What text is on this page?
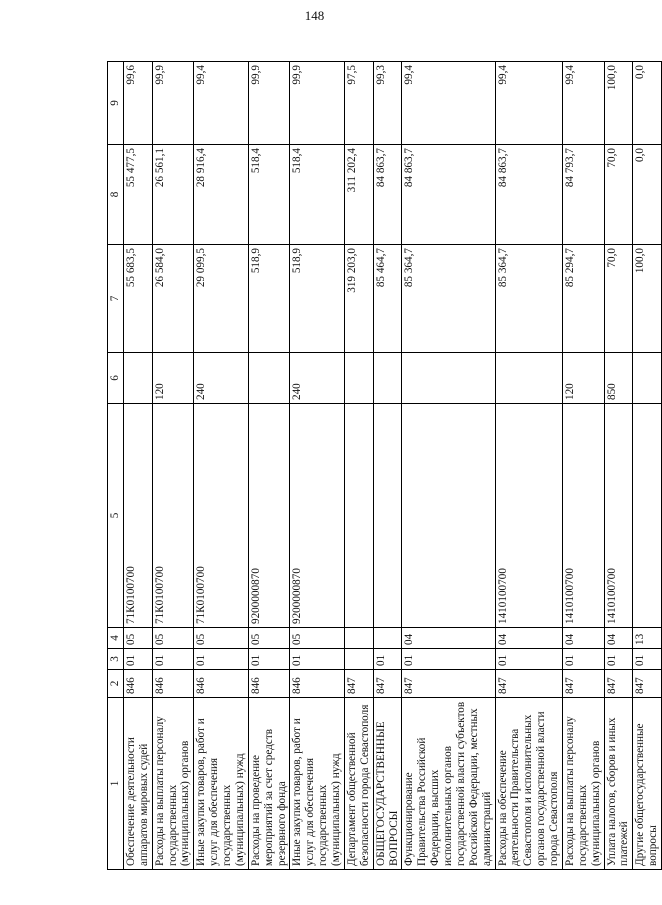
148
1	2	3	4	5	6	7	8	9
Обеспечение деятельности аппаратов мировых судей	846	01	05	71К0100700		55 683,5	55 477,5	99,6
Расходы на выплаты персоналу государственных (муниципальных) органов	846	01	05	71К0100700	120	26 584,0	26 561,1	99,9
Иные закупки товаров, работ и услуг для обеспечения государственных (муниципальных) нужд	846	01	05	71К0100700	240	29 099,5	28 916,4	99,4
Расходы на проведение мероприятий за счет средств резервного фонда	846	01	05	9200000870		518,9	518,4	99,9
Иные закупки товаров, работ и услуг для обеспечения государственных (муниципальных) нужд	846	01	05	9200000870	240	518,9	518,4	99,9
Департамент общественной безопасности города Севастополя	847					319 203,0	311 202,4	97,5
ОБЩЕГОСУДАРСТВЕННЫЕ ВОПРОСЫ	847	01				85 464,7	84 863,7	99,3
Функционирование Правительства Российской Федерации, высших исполнительных органов государственной власти субъектов Российской Федерации, местных администраций	847	01	04			85 364,7	84 863,7	99,4
Расходы на обеспечение деятельности Правительства Севастополя и исполнительных органов государственной власти города Севастополя	847	01	04	1410100700		85 364,7	84 863,7	99,4
Расходы на выплаты персоналу государственных (муниципальных) органов	847	01	04	1410100700	120	85 294,7	84 793,7	99,4
Уплата налогов, сборов и иных платежей	847	01	04	1410100700	850	70,0	70,0	100,0
Другие общегосударственные вопросы	847	01	13			100,0	0,0	0,0
